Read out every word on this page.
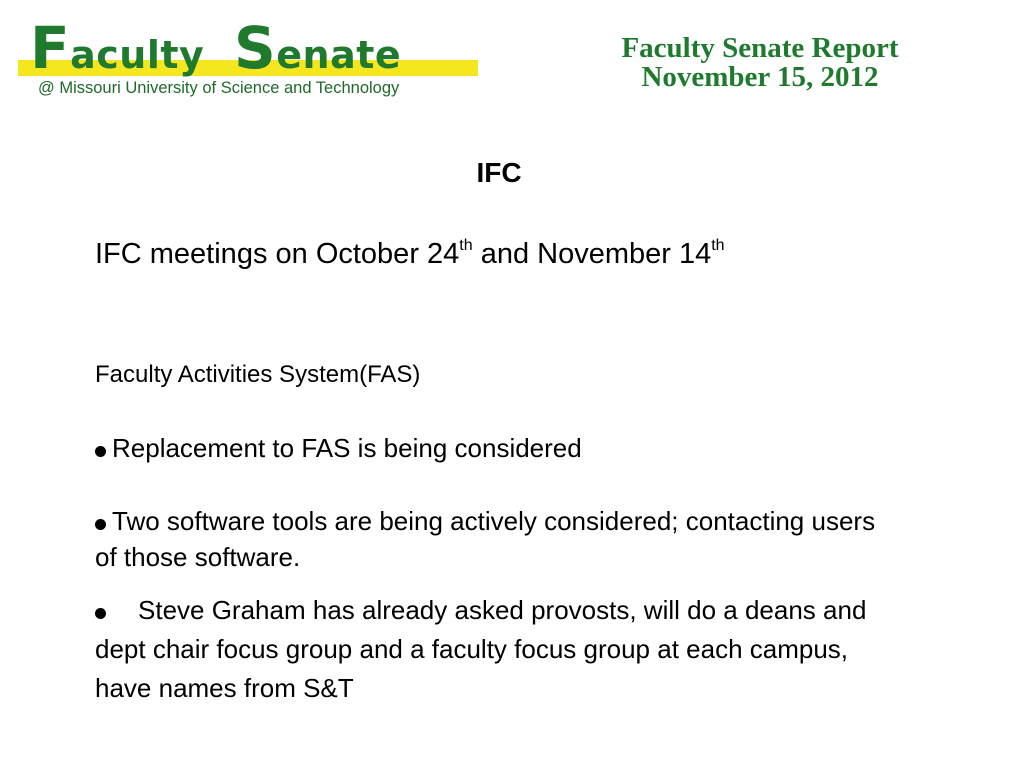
Faculty Senate
@ Missouri University of Science and Technology
Faculty Senate Report
November 15, 2012
IFC
IFC meetings on October 24th and November 14th
Faculty Activities System(FAS)
Replacement to FAS is being considered
Two software tools are being actively considered; contacting users of those software.
Steve Graham has already asked provosts, will do a deans and dept chair focus group and a faculty focus group at each campus, have names from S&T
